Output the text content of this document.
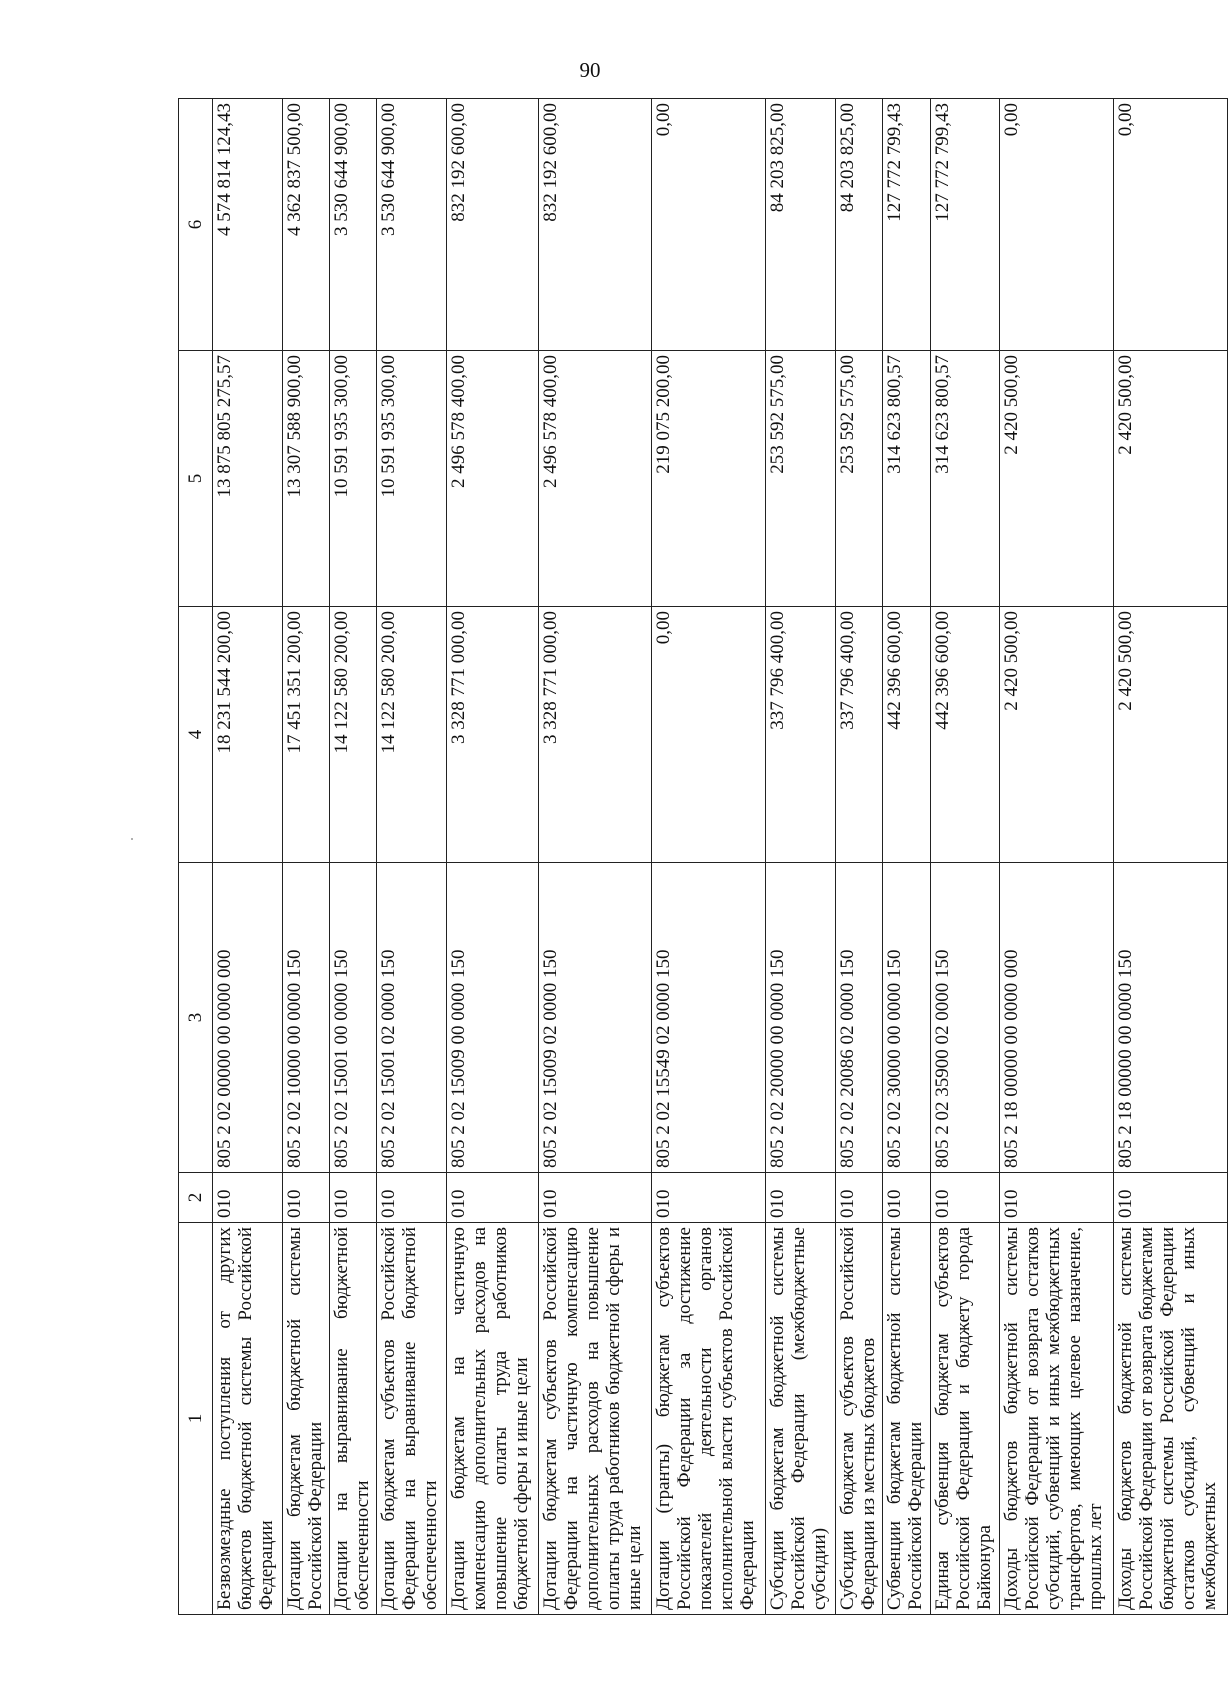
90
1	2	3	4	5	6
Безвозмездные поступления от других бюджетов бюджетной системы Российской Федерации	010	805 2 02 00000 00 0000 000	18 231 544 200,00	13 875 805 275,57	4 574 814 124,43
Дотации бюджетам бюджетной системы Российской Федерации	010	805 2 02 10000 00 0000 150	17 451 351 200,00	13 307 588 900,00	4 362 837 500,00
Дотации на выравнивание бюджетной обеспеченности	010	805 2 02 15001 00 0000 150	14 122 580 200,00	10 591 935 300,00	3 530 644 900,00
Дотации бюджетам субъектов Российской Федерации на выравнивание бюджетной обеспеченности	010	805 2 02 15001 02 0000 150	14 122 580 200,00	10 591 935 300,00	3 530 644 900,00
Дотации бюджетам на частичную компенсацию дополнительных расходов на повышение оплаты труда работников бюджетной сферы и иные цели	010	805 2 02 15009 00 0000 150	3 328 771 000,00	2 496 578 400,00	832 192 600,00
Дотации бюджетам субъектов Российской Федерации на частичную компенсацию дополнительных расходов на повышение оплаты труда работников бюджетной сферы и иные цели	010	805 2 02 15009 02 0000 150	3 328 771 000,00	2 496 578 400,00	832 192 600,00
Дотации (гранты) бюджетам субъектов Российской Федерации за достижение показателей деятельности органов исполнительной власти субъектов Российской Федерации	010	805 2 02 15549 02 0000 150	0,00	219 075 200,00	0,00
Субсидии бюджетам бюджетной системы Российской Федерации (межбюджетные субсидии)	010	805 2 02 20000 00 0000 150	337 796 400,00	253 592 575,00	84 203 825,00
Субсидии бюджетам субъектов Российской Федерации из местных бюджетов	010	805 2 02 20086 02 0000 150	337 796 400,00	253 592 575,00	84 203 825,00
Субвенции бюджетам бюджетной системы Российской Федерации	010	805 2 02 30000 00 0000 150	442 396 600,00	314 623 800,57	127 772 799,43
Единая субвенция бюджетам субъектов Российской Федерации и бюджету города Байконура	010	805 2 02 35900 02 0000 150	442 396 600,00	314 623 800,57	127 772 799,43
Доходы бюджетов бюджетной системы Российской Федерации от возврата остатков субсидий, субвенций и иных межбюджетных трансфертов, имеющих целевое назначение, прошлых лет	010	805 2 18 00000 00 0000 000	2 420 500,00	2 420 500,00	0,00
Доходы бюджетов бюджетной системы Российской Федерации от возврата бюджетами бюджетной системы Российской Федерации остатков субсидий, субвенций и иных межбюджетных	010	805 2 18 00000 00 0000 150	2 420 500,00	2 420 500,00	0,00
